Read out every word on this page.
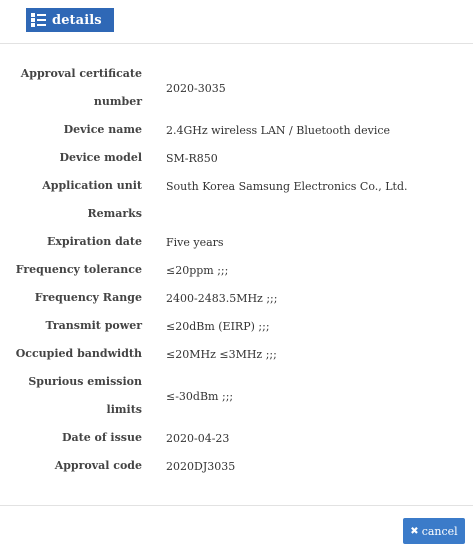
details
Approval certificate number
2020-3035
Device name 2.4GHz wireless LAN / Bluetooth device
Device model SM-R850
Application unit South Korea Samsung Electronics Co., Ltd.
Remarks
Expiration date Five years
Frequency tolerance ≤20ppm ;;;
Frequency Range 2400-2483.5MHz ;;;
Transmit power ≤20dBm (EIRP) ;;;
Occupied bandwidth ≤20MHz ≤3MHz ;;;
Spurious emission limits
≤-30dBm ;;;
Date of issue 2020-04-23
Approval code 2020DJ3035
✖ cancel
